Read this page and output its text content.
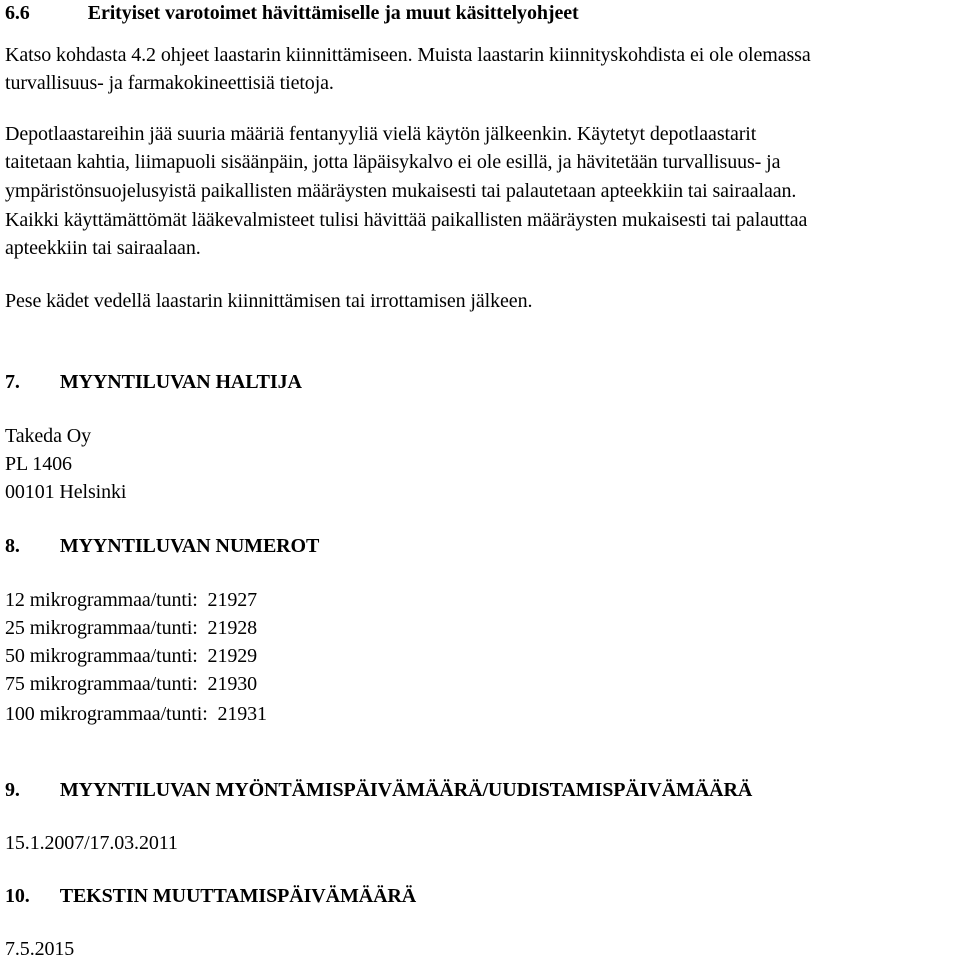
6.6	Erityiset varotoimet hävittämiselle ja muut käsittelyohjeet
Katso kohdasta 4.2 ohjeet laastarin kiinnittämiseen. Muista laastarin kiinnityskohdista ei ole olemassa
turvallisuus- ja farmakokineettisiä tietoja.
Depotlaastareihin jää suuria määriä fentanyyliä vielä käytön jälkeenkin. Käytetyt depotlaastarit
taitetaan kahtia, liimapuoli sisäänpäin, jotta läpäisykalvo ei ole esillä, ja hävitetään turvallisuus- ja
ympäristönsuojelusyistä paikallisten määräysten mukaisesti tai palautetaan apteekkiin tai sairaalaan.
Kaikki käyttämättömät lääkevalmisteet tulisi hävittää paikallisten määräysten mukaisesti tai palauttaa
apteekkiin tai sairaalaan.
Pese kädet vedellä laastarin kiinnittämisen tai irrottamisen jälkeen.
7. MYYNTILUVAN HALTIJA
Takeda Oy
PL 1406
00101 Helsinki
8. MYYNTILUVAN NUMEROT
12 mikrogrammaa/tunti:  21927
25 mikrogrammaa/tunti:  21928
50 mikrogrammaa/tunti:  21929
75 mikrogrammaa/tunti:  21930
100 mikrogrammaa/tunti:  21931
9. MYYNTILUVAN MYÖNTÄMISPÄIVÄMÄÄRÄ/UUDISTAMISPÄIVÄMÄÄRÄ
15.1.2007/17.03.2011
10. TEKSTIN MUUTTAMISPÄIVÄMÄÄRÄ
7.5.2015
